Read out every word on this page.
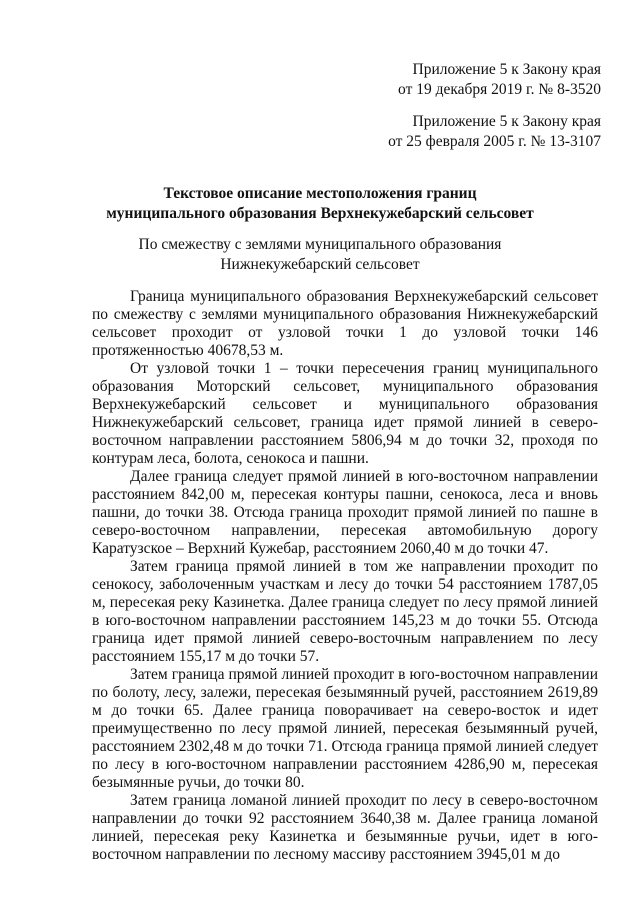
Приложение 5 к Закону края

от 19 декабря 2019 г. № 8-3520

Приложение 5 к Закону края

от 25 февраля 2005 г. № 13-3107

Текстовое описание местоположения границ

муниципального образования Верхнекужебарский сельсовет

По смежеству с землями муниципального образования

Нижнекужебарский сельсовет

Граница муниципального образования Верхнекужебарский сельсовет по смежеству с землями муниципального образования Нижнекужебарский сельсовет проходит от узловой точки 1 до узловой точки 146 протяженностью 40678,53 м.

От узловой точки 1 – точки пересечения границ муниципального образования Моторский сельсовет, муниципального образования Верхнекужебарский сельсовет и муниципального образования Нижнекужебарский сельсовет, граница идет прямой линией в северо-восточном направлении расстоянием 5806,94 м до точки 32, проходя по контурам леса, болота, сенокоса и пашни.

Далее граница следует прямой линией в юго-восточном направлении расстоянием 842,00 м, пересекая контуры пашни, сенокоса, леса и вновь пашни, до точки 38. Отсюда граница проходит прямой линией по пашне в северо-восточном направлении, пересекая автомобильную дорогу Каратузское – Верхний Кужебар, расстоянием 2060,40 м до точки 47.

Затем граница прямой линией в том же направлении проходит по сенокосу, заболоченным участкам и лесу до точки 54 расстоянием 1787,05 м, пересекая реку Казинетка. Далее граница следует по лесу прямой линией в юго-восточном направлении расстоянием 145,23 м до точки 55. Отсюда граница идет прямой линией северо-восточным направлением по лесу расстоянием 155,17 м до точки 57.

Затем граница прямой линией проходит в юго-восточном направлении по болоту, лесу, залежи, пересекая безымянный ручей, расстоянием 2619,89 м до точки 65. Далее граница поворачивает на северо-восток и идет преимущественно по лесу прямой линией, пересекая безымянный ручей, расстоянием 2302,48 м до точки 71. Отсюда граница прямой линией следует по лесу в юго-восточном направлении расстоянием 4286,90 м, пересекая безымянные ручьи, до точки 80.

Затем граница ломаной линией проходит по лесу в северо-восточном направлении до точки 92 расстоянием 3640,38 м. Далее граница ломаной линией, пересекая реку Казинетка и безымянные ручьи, идет в юго-восточном направлении по лесному массиву расстоянием 3945,01 м до
